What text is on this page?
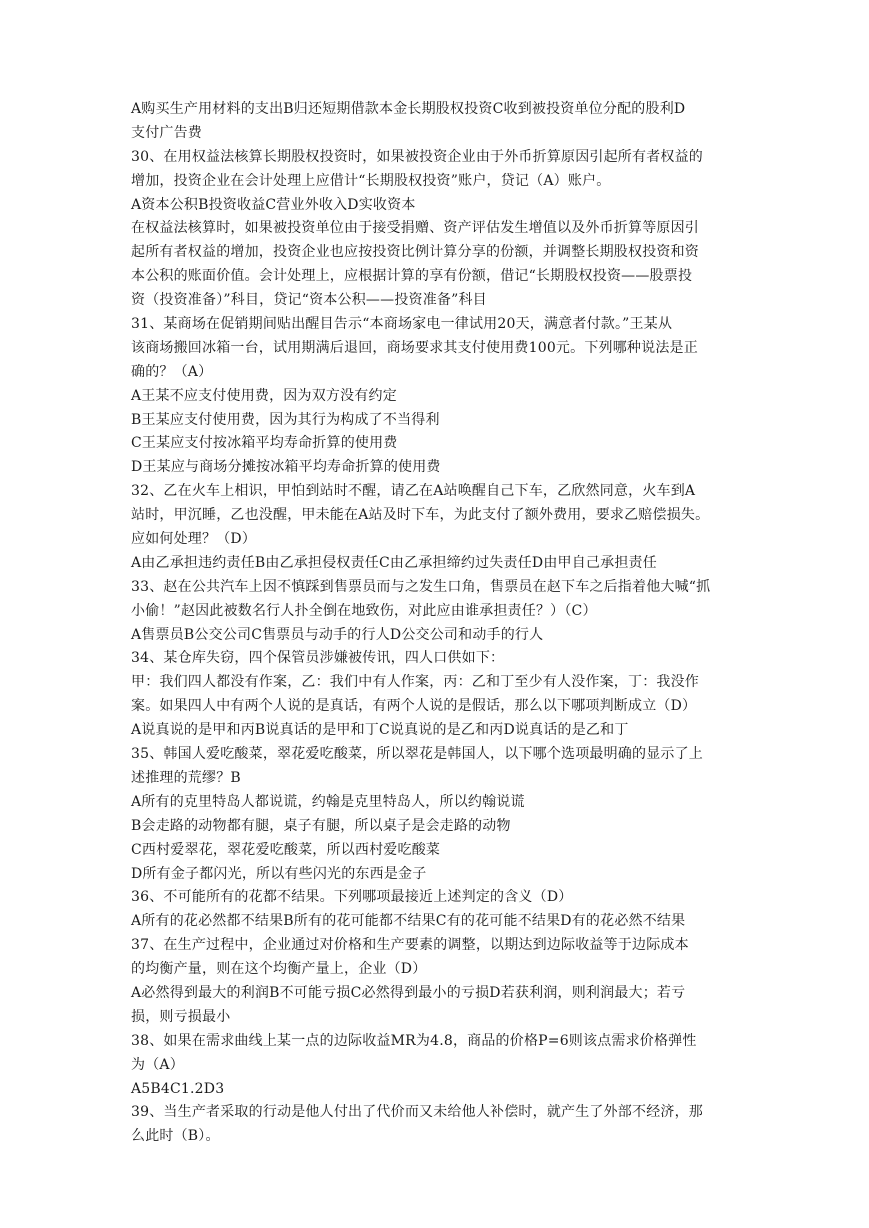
A购买生产用材料的支出B归还短期借款本金长期股权投资C收到被投资单位分配的股利D
支付广告费
30、在用权益法核算长期股权投资时，如果被投资企业由于外币折算原因引起所有者权益的
增加，投资企业在会计处理上应借计“长期股权投资”账户，贷记（A）账户。
A资本公积B投资收益C营业外收入D实收资本
在权益法核算时，如果被投资单位由于接受捐赠、资产评估发生增值以及外币折算等原因引
起所有者权益的增加，投资企业也应按投资比例计算分享的份额，并调整长期股权投资和资
本公积的账面价值。会计处理上，应根据计算的享有份额，借记“长期股权投资——股票投
资（投资准备）”科目，贷记“资本公积——投资准备”科目
31、某商场在促销期间贴出醒目告示“本商场家电一律试用20天，满意者付款。”王某从
该商场搬回冰箱一台，试用期满后退回，商场要求其支付使用费100元。下列哪种说法是正
确的？（A）
A王某不应支付使用费，因为双方没有约定
B王某应支付使用费，因为其行为构成了不当得利
C王某应支付按冰箱平均寿命折算的使用费
D王某应与商场分摊按冰箱平均寿命折算的使用费
32、乙在火车上相识，甲怕到站时不醒，请乙在A站唤醒自己下车，乙欣然同意，火车到A
站时，甲沉睡，乙也没醒，甲未能在A站及时下车，为此支付了额外费用，要求乙赔偿损失。
应如何处理？（D）
A由乙承担违约责任B由乙承担侵权责任C由乙承担缔约过失责任D由甲自己承担责任
33、赵在公共汽车上因不慎踩到售票员而与之发生口角，售票员在赵下车之后指着他大喊“抓
小偷！”赵因此被数名行人扑全倒在地致伤，对此应由谁承担责任？）（C）
A售票员B公交公司C售票员与动手的行人D公交公司和动手的行人
34、某仓库失窃，四个保管员涉嫌被传讯，四人口供如下：
甲：我们四人都没有作案，乙：我们中有人作案，丙：乙和丁至少有人没作案，丁：我没作
案。如果四人中有两个人说的是真话，有两个人说的是假话，那么以下哪项判断成立（D）
A说真说的是甲和丙B说真话的是甲和丁C说真说的是乙和丙D说真话的是乙和丁
35、韩国人爱吃酸菜，翠花爱吃酸菜，所以翠花是韩国人，以下哪个选项最明确的显示了上
述推理的荒缪？B
A所有的克里特岛人都说谎，约翰是克里特岛人，所以约翰说谎
B会走路的动物都有腿，桌子有腿，所以桌子是会走路的动物
C西村爱翠花，翠花爱吃酸菜，所以西村爱吃酸菜
D所有金子都闪光，所以有些闪光的东西是金子
36、不可能所有的花都不结果。下列哪项最接近上述判定的含义（D）
A所有的花必然都不结果B所有的花可能都不结果C有的花可能不结果D有的花必然不结果
37、在生产过程中，企业通过对价格和生产要素的调整，以期达到边际收益等于边际成本
的均衡产量，则在这个均衡产量上，企业（D）
A必然得到最大的利润B不可能亏损C必然得到最小的亏损D若获利润，则利润最大；若亏
损，则亏损最小
38、如果在需求曲线上某一点的边际收益MR为4.8，商品的价格P=6则该点需求价格弹性
为（A）
A5B4C1.2D3
39、当生产者采取的行动是他人付出了代价而又未给他人补偿时，就产生了外部不经济，那
么此时（B）。
